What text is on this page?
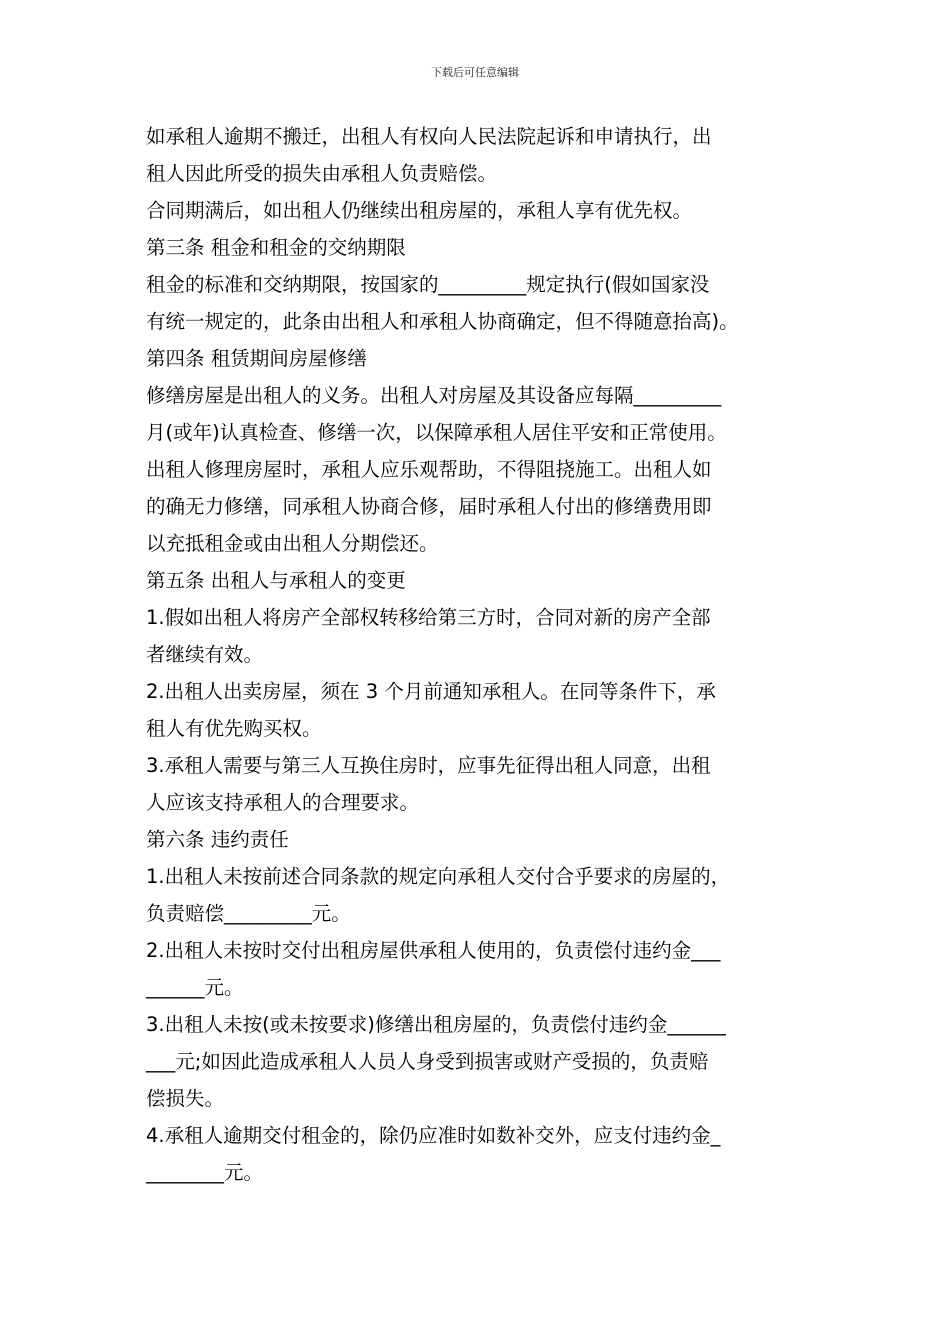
下载后可任意编辑
如承租人逾期不搬迁，出租人有权向人民法院起诉和申请执行，出
租人因此所受的损失由承租人负责赔偿。
合同期满后，如出租人仍继续出租房屋的，承租人享有优先权。
第三条 租金和租金的交纳期限
租金的标准和交纳期限，按国家的_________规定执行(假如国家没
有统一规定的，此条由出租人和承租人协商确定，但不得随意抬高)。
第四条 租赁期间房屋修缮
修缮房屋是出租人的义务。出租人对房屋及其设备应每隔_________
月(或年)认真检查、修缮一次，以保障承租人居住平安和正常使用。
出租人修理房屋时，承租人应乐观帮助，不得阻挠施工。出租人如
的确无力修缮，同承租人协商合修，届时承租人付出的修缮费用即
以充抵租金或由出租人分期偿还。
第五条 出租人与承租人的变更
1.假如出租人将房产全部权转移给第三方时，合同对新的房产全部
者继续有效。
2.出租人出卖房屋，须在 3 个月前通知承租人。在同等条件下，承
租人有优先购买权。
3.承租人需要与第三人互换住房时，应事先征得出租人同意，出租
人应该支持承租人的合理要求。
第六条 违约责任
1.出租人未按前述合同条款的规定向承租人交付合乎要求的房屋的，
负责赔偿_________元。
2.出租人未按时交付出租房屋供承租人使用的，负责偿付违约金___
______元。
3.出租人未按(或未按要求)修缮出租房屋的，负责偿付违约金______
___元;如因此造成承租人人员人身受到损害或财产受损的，负责赔
偿损失。
4.承租人逾期交付租金的，除仍应准时如数补交外，应支付违约金_
________元。
